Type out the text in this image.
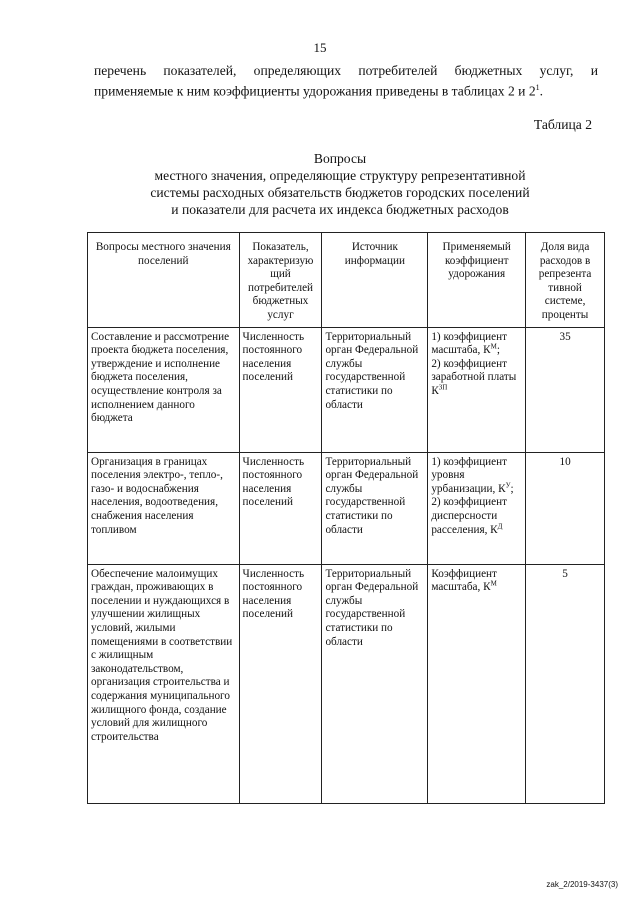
15

перечень показателей, определяющих потребителей бюджетных услуг, и

применяемые к ним коэффициенты удорожания приведены в таблицах 2 и $2^1$.

Таблица 2
Вопросы
местного значения, определяющие структуру репрезентативной
системы расходных обязательств бюджетов городских поселений
и показатели для расчета их индекса бюджетных расходов
Вопросы местного значения поселений	Показатель, характеризую щий потребителей бюджетных услуг	Источник информации	Применяемый коэффициент удорожания	Доля вида расходов в репрезента тивной системе, проценты
Составление и рассмотрение проекта бюджета поселения, утверждение и исполнение бюджета поселения, осуществление контроля за исполнением данного бюджета	Численность постоянного населения поселений	Территориальный орган Федеральной службы государственной статистики по области	1) коэффициент масштаба, $К^М$;
2) коэффициент заработной платы $К^{ЗП}$	35
Организация в границах поселения электро-, тепло-, газо- и водоснабжения населения, водоотведения, снабжения населения топливом	Численность постоянного населения поселений	Территориальный орган Федеральной службы государственной статистики по области	1) коэффициент уровня урбанизации, $К^У$;
2) коэффициент дисперсности расселения, $К^Д$	10
Обеспечение малоимущих граждан, проживающих в поселении и нуждающихся в улучшении жилищных условий, жилыми помещениями в соответствии с жилищным законодательством, организация строительства и содержания муниципального жилищного фонда, создание условий для жилищного строительства	Численность постоянного населения поселений	Территориальный орган Федеральной службы государственной статистики по области	Коэффициент масштаба, $К^М$	5
zak_2/2019-3437(3)
